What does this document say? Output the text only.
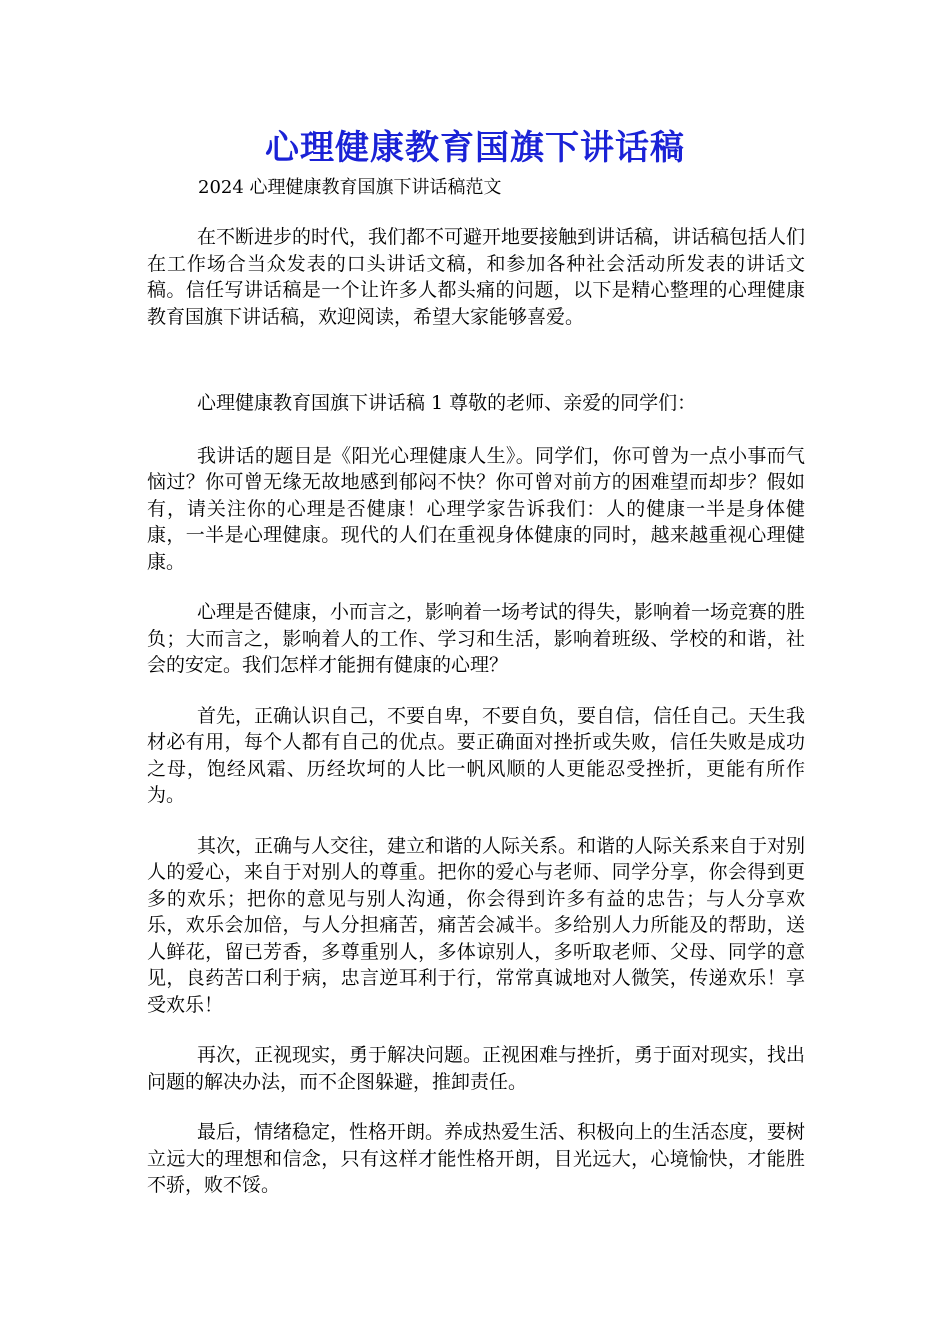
心理健康教育国旗下讲话稿

2024 心理健康教育国旗下讲话稿范文

在不断进步的时代，我们都不可避开地要接触到讲话稿，讲话稿包括人们在工作场合当众发表的口头讲话文稿，和参加各种社会活动所发表的讲话文稿。信任写讲话稿是一个让许多人都头痛的问题，以下是精心整理的心理健康教育国旗下讲话稿，欢迎阅读，希望大家能够喜爱。

心理健康教育国旗下讲话稿 1 尊敬的老师、亲爱的同学们：

我讲话的题目是《阳光心理健康人生》。同学们，你可曾为一点小事而气恼过？你可曾无缘无故地感到郁闷不快？你可曾对前方的困难望而却步？假如有，请关注你的心理是否健康！心理学家告诉我们：人的健康一半是身体健康，一半是心理健康。现代的人们在重视身体健康的同时，越来越重视心理健康。

心理是否健康，小而言之，影响着一场考试的得失，影响着一场竞赛的胜负；大而言之，影响着人的工作、学习和生活，影响着班级、学校的和谐，社会的安定。我们怎样才能拥有健康的心理？

首先，正确认识自己，不要自卑，不要自负，要自信，信任自己。天生我材必有用，每个人都有自己的优点。要正确面对挫折或失败，信任失败是成功之母，饱经风霜、历经坎坷的人比一帆风顺的人更能忍受挫折，更能有所作为。

其次，正确与人交往，建立和谐的人际关系。和谐的人际关系来自于对别人的爱心，来自于对别人的尊重。把你的爱心与老师、同学分享，你会得到更多的欢乐；把你的意见与别人沟通，你会得到许多有益的忠告；与人分享欢乐，欢乐会加倍，与人分担痛苦，痛苦会减半。多给别人力所能及的帮助，送人鲜花，留已芳香，多尊重别人，多体谅别人，多听取老师、父母、同学的意见，良药苦口利于病，忠言逆耳利于行，常常真诚地对人微笑，传递欢乐！享受欢乐！

再次，正视现实，勇于解决问题。正视困难与挫折，勇于面对现实，找出问题的解决办法，而不企图躲避，推卸责任。

最后，情绪稳定，性格开朗。养成热爱生活、积极向上的生活态度，要树立远大的理想和信念，只有这样才能性格开朗，目光远大，心境愉快，才能胜不骄，败不馁。
